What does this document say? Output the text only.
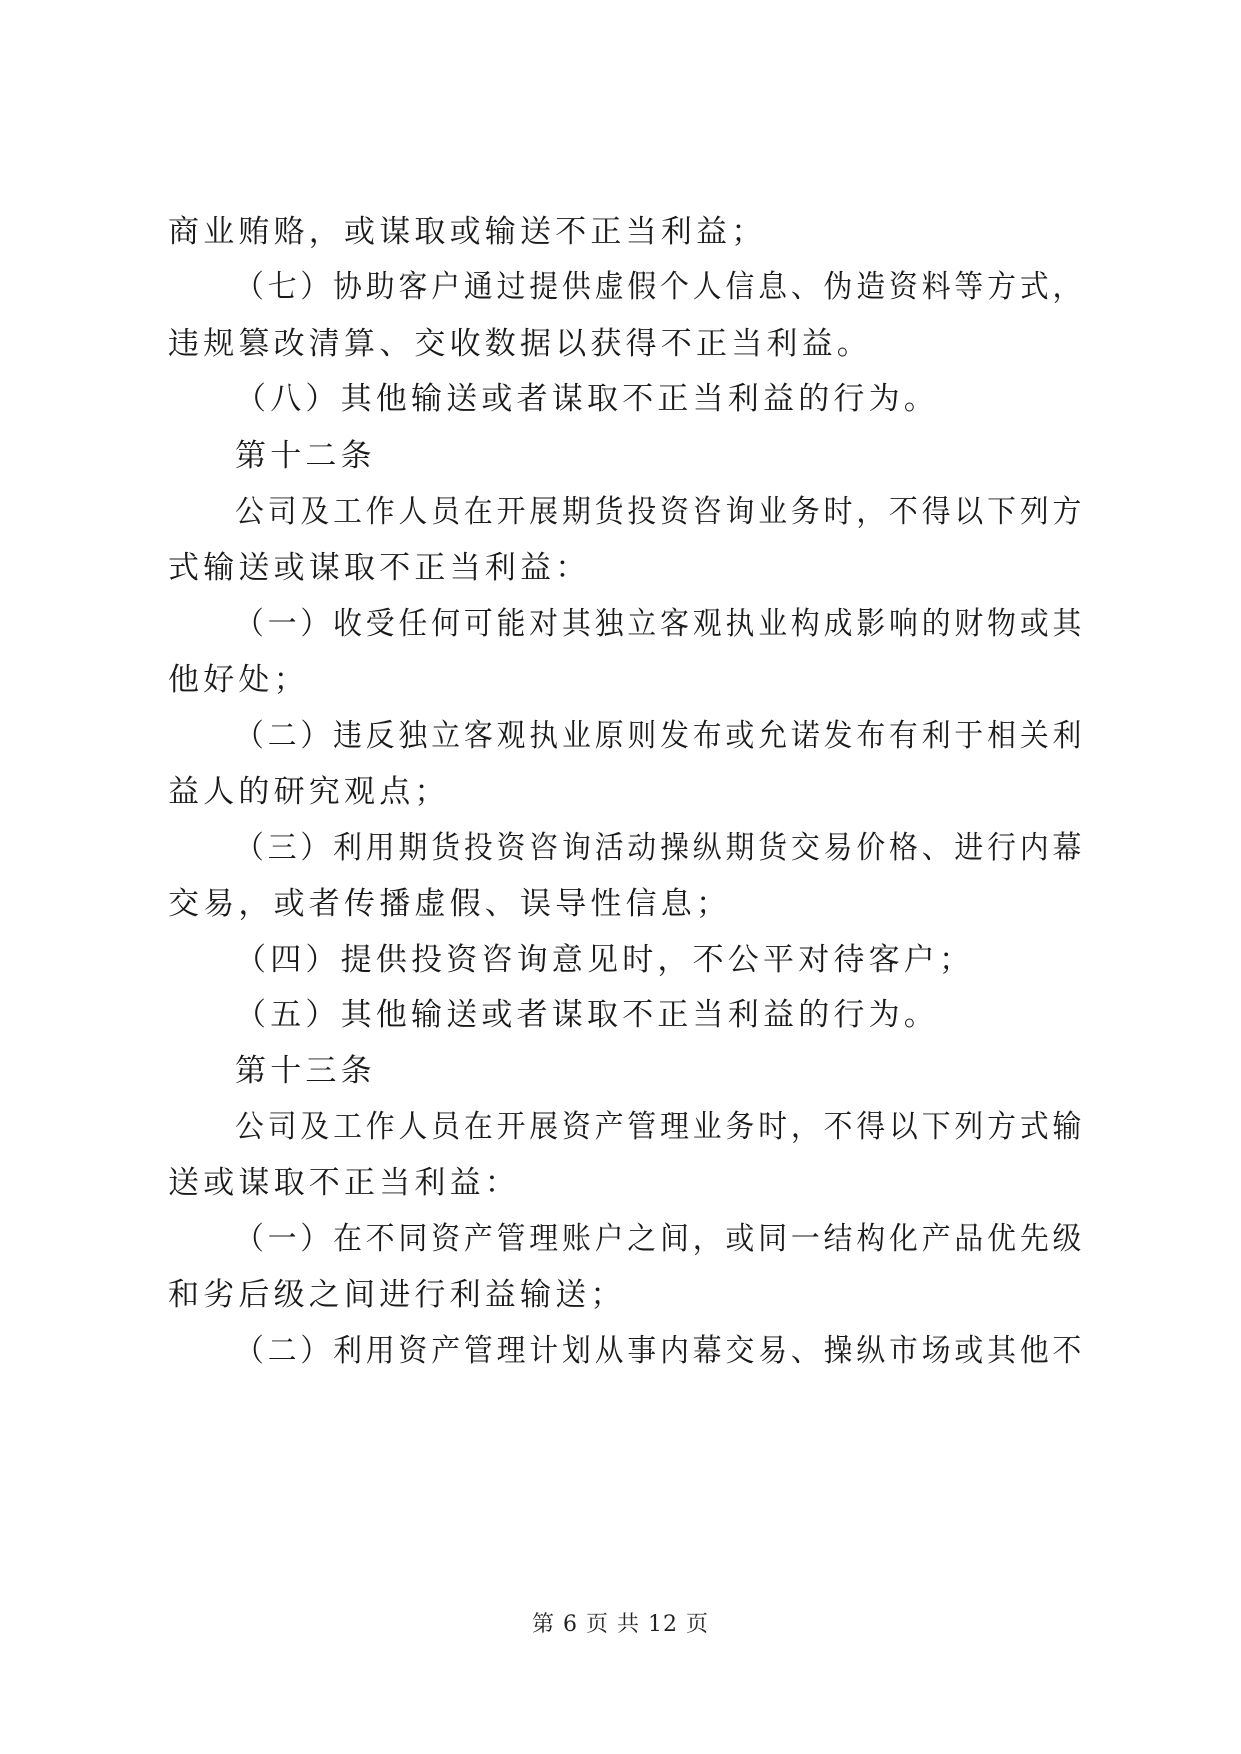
商业贿赂，或谋取或输送不正当利益；
（七）协助客户通过提供虚假个人信息、伪造资料等方式，
违规篡改清算、交收数据以获得不正当利益。
（八）其他输送或者谋取不正当利益的行为。
第十二条
公司及工作人员在开展期货投资咨询业务时，不得以下列方
式输送或谋取不正当利益：
（一）收受任何可能对其独立客观执业构成影响的财物或其
他好处；
（二）违反独立客观执业原则发布或允诺发布有利于相关利
益人的研究观点；
（三）利用期货投资咨询活动操纵期货交易价格、进行内幕
交易，或者传播虚假、误导性信息；
（四）提供投资咨询意见时，不公平对待客户；
（五）其他输送或者谋取不正当利益的行为。
第十三条
公司及工作人员在开展资产管理业务时，不得以下列方式输
送或谋取不正当利益：
（一）在不同资产管理账户之间，或同一结构化产品优先级
和劣后级之间进行利益输送；
（二）利用资产管理计划从事内幕交易、操纵市场或其他不
第 6 页 共 12 页
